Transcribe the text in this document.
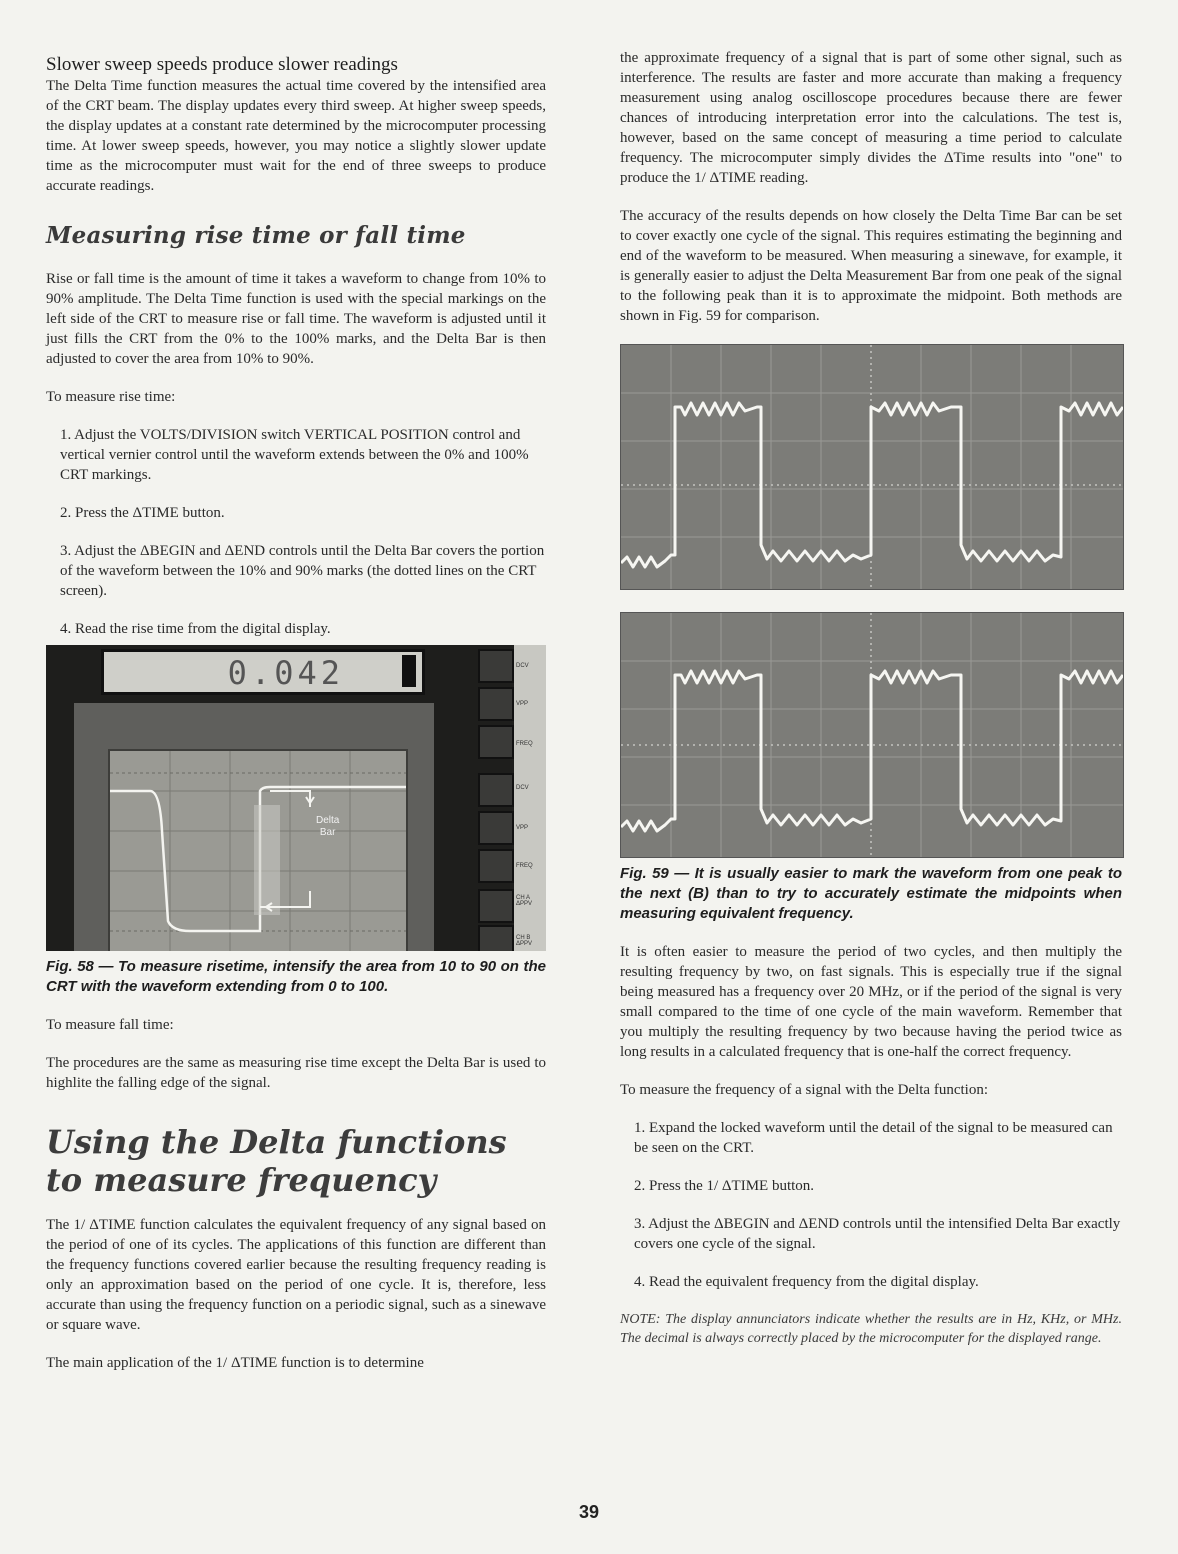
Slower sweep speeds produce slower readings

The Delta Time function measures the actual time covered by the intensified area of the CRT beam. The display updates every third sweep. At higher sweep speeds, the display updates at a constant rate determined by the microcomputer processing time. At lower sweep speeds, however, you may notice a slightly slower update time as the microcomputer must wait for the end of three sweeps to produce accurate readings.

Measuring rise time or fall time

Rise or fall time is the amount of time it takes a waveform to change from 10% to 90% amplitude. The Delta Time function is used with the special markings on the left side of the CRT to measure rise or fall time. The waveform is adjusted until it just fills the CRT from the 0% to the 100% marks, and the Delta Bar is then adjusted to cover the area from 10% to 90%.

To measure rise time:

1. Adjust the VOLTS/DIVISION switch VERTICAL POSITION control and vertical vernier control until the waveform extends between the 0% and 100% CRT markings.

2. Press the ΔTIME button.

3. Adjust the ΔBEGIN and ΔEND controls until the Delta Bar covers the portion of the waveform between the 10% and 90% marks (the dotted lines on the CRT screen).

4. Read the rise time from the digital display.

0.042
Delta
Bar
DCV
VPP
FREQ
DCV
VPP
FREQ
CH A ΔPPV
CH B ΔPPV

Fig. 58 — To measure risetime, intensify the area from 10 to 90 on the CRT with the waveform extending from 0 to 100.

To measure fall time:

The procedures are the same as measuring rise time except the Delta Bar is used to highlite the falling edge of the signal.

Using the Delta functions
to measure frequency

The 1/ ΔTIME function calculates the equivalent frequency of any signal based on the period of one of its cycles. The applications of this function are different than the frequency functions covered earlier because the resulting frequency reading is only an approximation based on the period of one cycle. It is, therefore, less accurate than using the frequency function on a periodic signal, such as a sinewave or square wave.

The main application of the 1/ ΔTIME function is to determine

the approximate frequency of a signal that is part of some other signal, such as interference. The results are faster and more accurate than making a frequency measurement using analog oscilloscope procedures because there are fewer chances of introducing interpretation error into the calculations. The test is, however, based on the same concept of measuring a time period to calculate frequency. The microcomputer simply divides the ΔTime results into "one" to produce the 1/ ΔTIME reading.

The accuracy of the results depends on how closely the Delta Time Bar can be set to cover exactly one cycle of the signal. This requires estimating the beginning and end of the waveform to be measured. When measuring a sinewave, for example, it is generally easier to adjust the Delta Measurement Bar from one peak of the signal to the following peak than it is to approximate the midpoint. Both methods are shown in Fig. 59 for comparison.

Fig. 59 — It is usually easier to mark the waveform from one peak to the next (B) than to try to accurately estimate the midpoints when measuring equivalent frequency.

It is often easier to measure the period of two cycles, and then multiply the resulting frequency by two, on fast signals. This is especially true if the signal being measured has a frequency over 20 MHz, or if the period of the signal is very small compared to the time of one cycle of the main waveform. Remember that you multiply the resulting frequency by two because having the period twice as long results in a calculated frequency that is one-half the correct frequency.

To measure the frequency of a signal with the Delta function:

1. Expand the locked waveform until the detail of the signal to be measured can be seen on the CRT.

2. Press the 1/ ΔTIME button.

3. Adjust the ΔBEGIN and ΔEND controls until the intensified Delta Bar exactly covers one cycle of the signal.

4. Read the equivalent frequency from the digital display.

NOTE: The display annunciators indicate whether the results are in Hz, KHz, or MHz. The decimal is always correctly placed by the microcomputer for the displayed range.

39
